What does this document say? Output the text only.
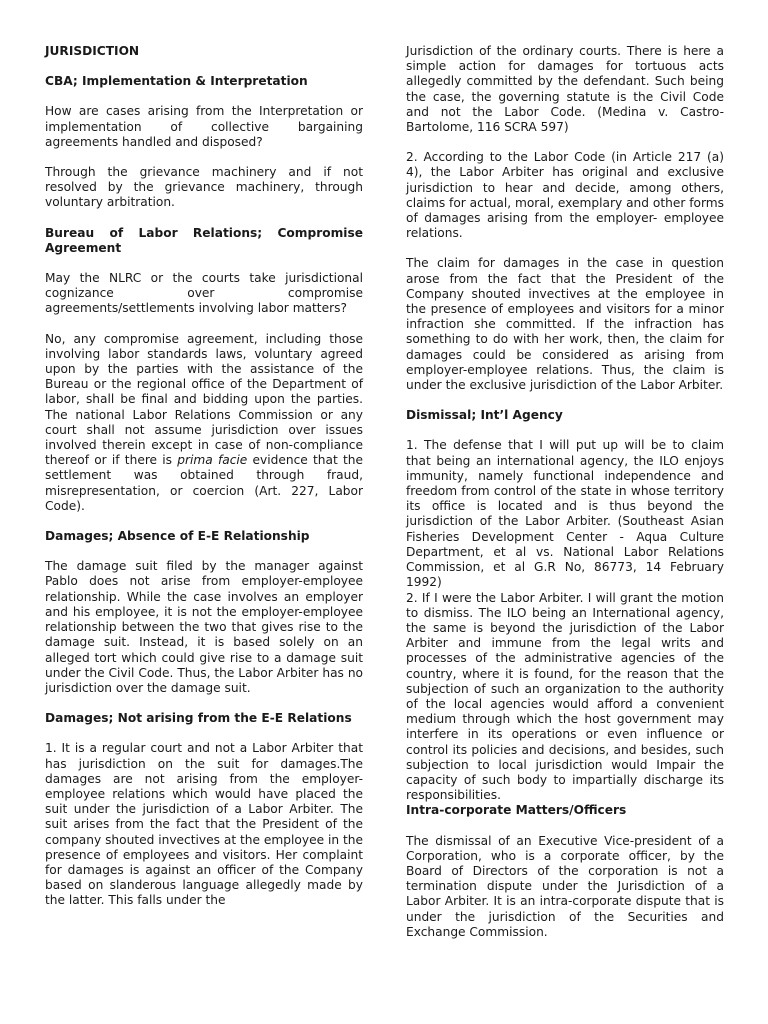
JURISDICTION
CBA; Implementation & Interpretation

How are cases arising from the Interpretation or implementation of collective bargaining agreements handled and disposed?

Through the grievance machinery and if not resolved by the grievance machinery, through voluntary arbitration.

Bureau of Labor Relations; Compromise Agreement

May the NLRC or the courts take jurisdictional cognizance over compromise agreements/settlements involving labor matters?

No, any compromise agreement, including those involving labor standards laws, voluntary agreed upon by the parties with the assistance of the Bureau or the regional office of the Department of labor, shall be final and bidding upon the parties. The national Labor Relations Commission or any court shall not assume jurisdiction over issues involved therein except in case of non-compliance thereof or if there is prima facie evidence that the settlement was obtained through fraud, misrepresentation, or coercion (Art. 227, Labor Code).

Damages; Absence of E-E Relationship

The damage suit filed by the manager against Pablo does not arise from employer-employee relationship. While the case involves an employer and his employee, it is not the employer-employee relationship between the two that gives rise to the damage suit. Instead, it is based solely on an alleged tort which could give rise to a damage suit under the Civil Code. Thus, the Labor Arbiter has no jurisdiction over the damage suit.

Damages; Not arising from the E-E Relations

1. It is a regular court and not a Labor Arbiter that has jurisdiction on the suit for damages.The damages are not arising from the employer-employee relations which would have placed the suit under the jurisdiction of a Labor Arbiter. The suit arises from the fact that the President of the company shouted invectives at the employee in the presence of employees and visitors. Her complaint for damages is against an officer of the Company based on slanderous language allegedly made by the latter. This falls under the

Jurisdiction of the ordinary courts. There is here a simple action for damages for tortuous acts allegedly committed by the defendant. Such being the case, the governing statute is the Civil Code and not the Labor Code. (Medina v. Castro-Bartolome, 116 SCRA 597)

2. According to the Labor Code (in Article 217 (a) 4), the Labor Arbiter has original and exclusive jurisdiction to hear and decide, among others, claims for actual, moral, exemplary and other forms of damages arising from the employer- employee relations.

The claim for damages in the case in question arose from the fact that the President of the Company shouted invectives at the employee in the presence of employees and visitors for a minor infraction she committed. If the infraction has something to do with her work, then, the claim for damages could be considered as arising from employer-employee relations. Thus, the claim is under the exclusive jurisdiction of the Labor Arbiter.

Dismissal; Int’l Agency

1. The defense that I will put up will be to claim that being an international agency, the ILO enjoys immunity, namely functional independence and freedom from control of the state in whose territory its office is located and is thus beyond the jurisdiction of the Labor Arbiter. (Southeast Asian Fisheries Development Center - Aqua Culture Department, et al vs. National Labor Relations Commission, et al G.R No, 86773, 14 February 1992)

2. If I were the Labor Arbiter. I will grant the motion to dismiss. The ILO being an International agency, the same is beyond the jurisdiction of the Labor Arbiter and immune from the legal writs and processes of the administrative agencies of the country, where it is found, for the reason that the subjection of such an organization to the authority of the local agencies would afford a convenient medium through which the host government may interfere in its operations or even influence or control its policies and decisions, and besides, such subjection to local jurisdiction would Impair the capacity of such body to impartially discharge its responsibilities.

Intra-corporate Matters/Officers

The dismissal of an Executive Vice-president of a Corporation, who is a corporate officer, by the Board of Directors of the corporation is not a termination dispute under the Jurisdiction of a Labor Arbiter. It is an intra-corporate dispute that is under the jurisdiction of the Securities and Exchange Commission.
